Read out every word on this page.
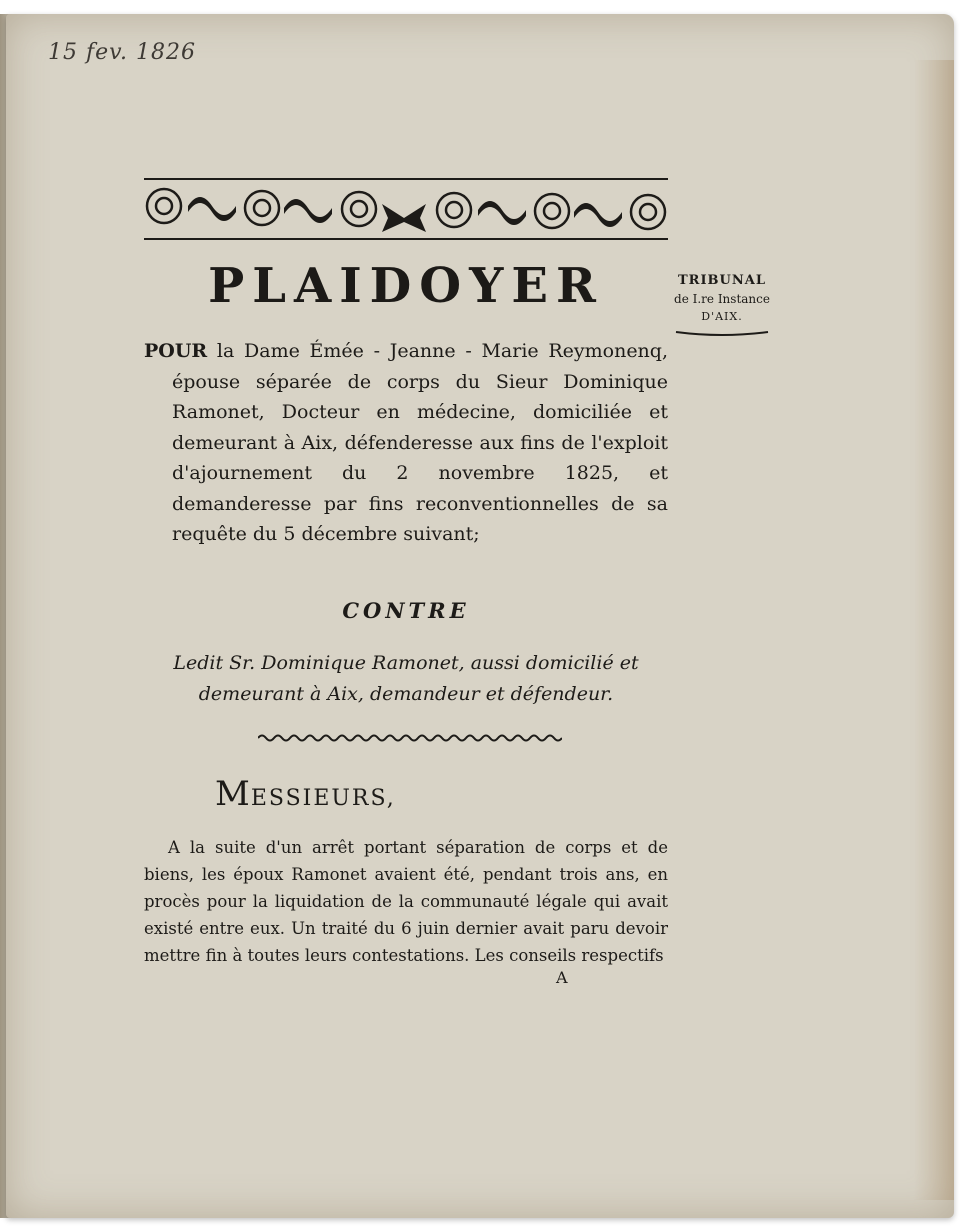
15 fev. 1826
PLAIDOYER	TRIBUNAL
de I.re Instance
D'AIX.

POUR la Dame Émée - Jeanne - Marie Reymonenq, épouse séparée de corps du Sieur Dominique Ramonet, Docteur en médecine, domiciliée et demeurant à Aix, défenderesse aux fins de l'exploit d'ajournement du 2 novembre 1825, et demanderesse par fins reconventionnelles de sa requête du 5 décembre suivant;

CONTRE
Ledit Sr. Dominique Ramonet, aussi domicilié et demeurant à Aix, demandeur et défendeur.
MESSIEURS,

A la suite d'un arrêt portant séparation de corps et de biens, les époux Ramonet avaient été, pendant trois ans, en procès pour la liquidation de la communauté légale qui avait existé entre eux. Un traité du 6 juin dernier avait paru devoir mettre fin à toutes leurs contestations. Les conseils respectifs

A
